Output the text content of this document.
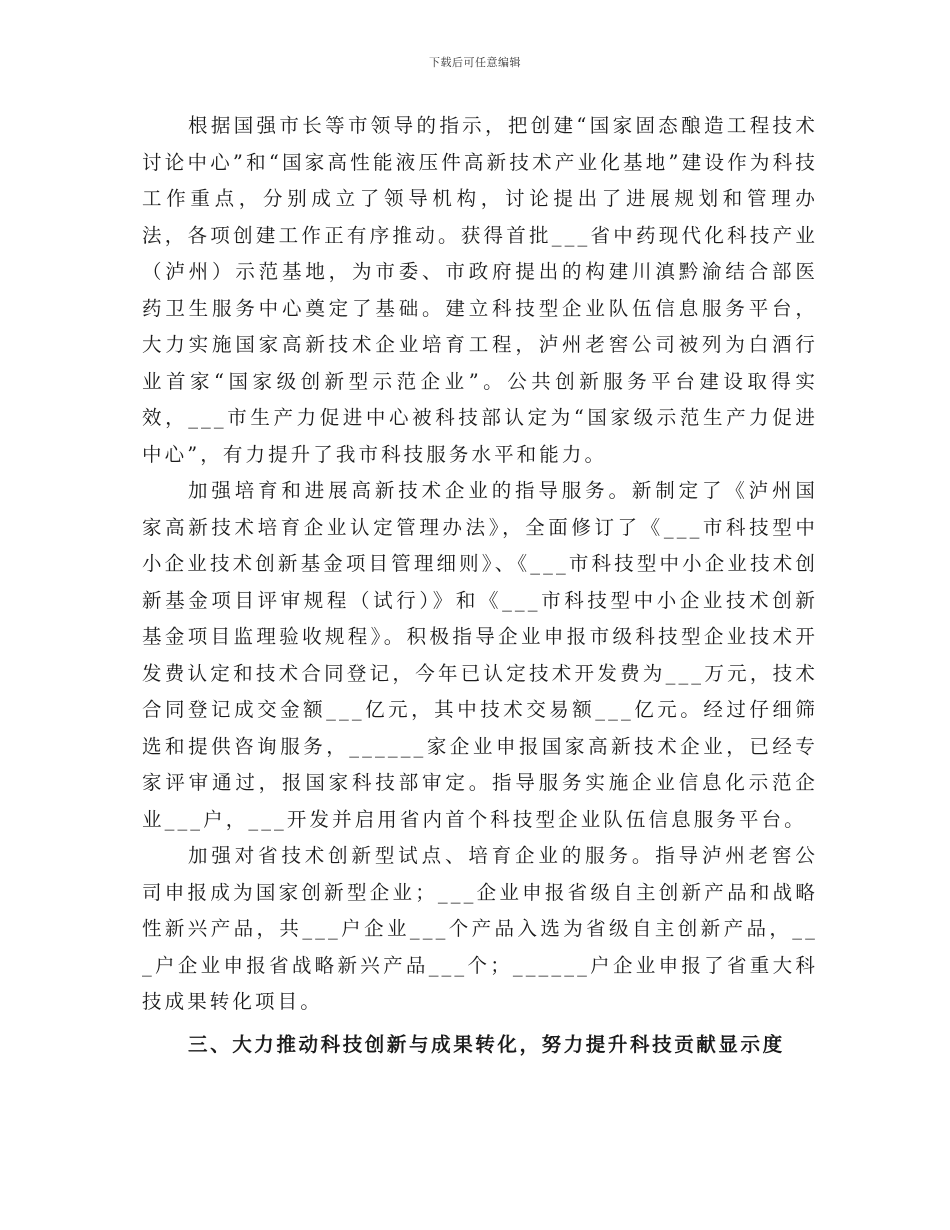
下载后可任意编辑

根据国强市长等市领导的指示，把创建“国家固态酿造工程技术讨论中心”和“国家高性能液压件高新技术产业化基地”建设作为科技工作重点，分别成立了领导机构，讨论提出了进展规划和管理办法，各项创建工作正有序推动。获得首批___省中药现代化科技产业（泸州）示范基地，为市委、市政府提出的构建川滇黔渝结合部医药卫生服务中心奠定了基础。建立科技型企业队伍信息服务平台，大力实施国家高新技术企业培育工程，泸州老窖公司被列为白酒行业首家“国家级创新型示范企业”。公共创新服务平台建设取得实效，___市生产力促进中心被科技部认定为“国家级示范生产力促进中心”，有力提升了我市科技服务水平和能力。

加强培育和进展高新技术企业的指导服务。新制定了《泸州国家高新技术培育企业认定管理办法》，全面修订了《___市科技型中小企业技术创新基金项目管理细则》、《___市科技型中小企业技术创新基金项目评审规程（试行）》和《___市科技型中小企业技术创新基金项目监理验收规程》。积极指导企业申报市级科技型企业技术开发费认定和技术合同登记，今年已认定技术开发费为___万元，技术合同登记成交金额___亿元，其中技术交易额___亿元。经过仔细筛选和提供咨询服务，______家企业申报国家高新技术企业，已经专家评审通过，报国家科技部审定。指导服务实施企业信息化示范企业___户，___开发并启用省内首个科技型企业队伍信息服务平台。

加强对省技术创新型试点、培育企业的服务。指导泸州老窖公司申报成为国家创新型企业；___企业申报省级自主创新产品和战略性新兴产品，共___户企业___个产品入选为省级自主创新产品，___户企业申报省战略新兴产品___个；______户企业申报了省重大科技成果转化项目。

三、大力推动科技创新与成果转化，努力提升科技贡献显示度
